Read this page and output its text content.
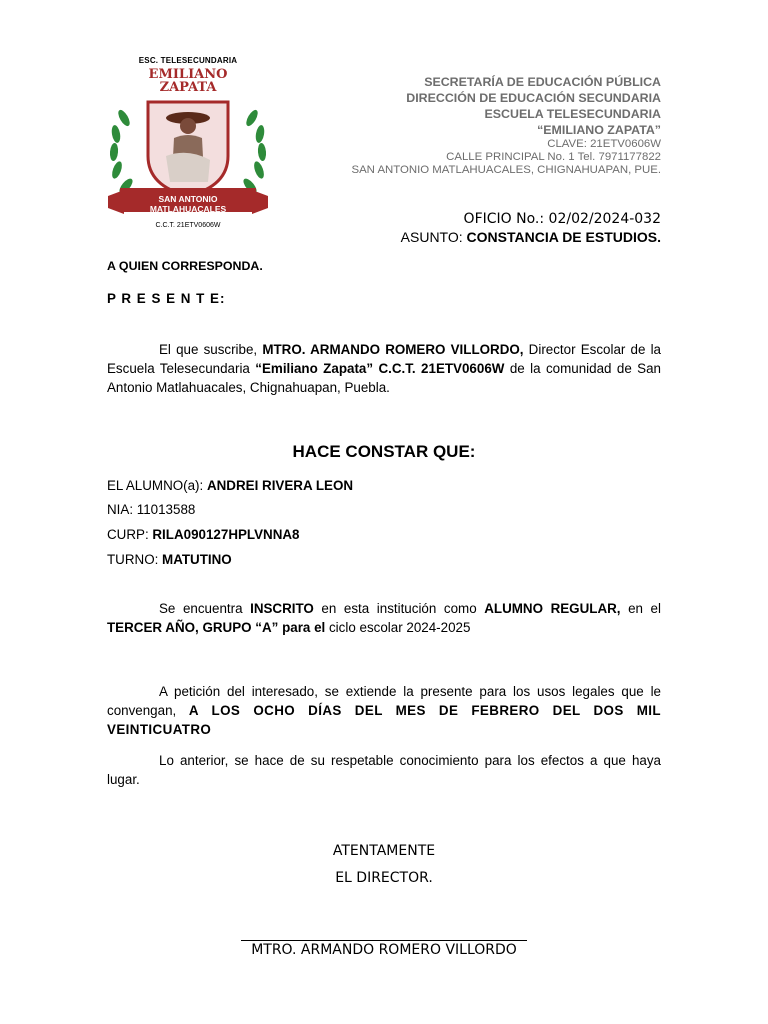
ESC. TELESECUNDARIA
EMILIANO
ZAPATA
SAN ANTONIO MATLAHUACALES
C.C.T. 21ETV0606W
SECRETARÍA DE EDUCACIÓN PÚBLICA
DIRECCIÓN DE EDUCACIÓN SECUNDARIA
ESCUELA TELESECUNDARIA
“EMILIANO ZAPATA”
CLAVE: 21ETV0606W
CALLE PRINCIPAL No. 1 Tel. 7971177822
SAN ANTONIO MATLAHUACALES, CHIGNAHUAPAN, PUE.
OFICIO No.: 02/02/2024-032
ASUNTO: CONSTANCIA DE ESTUDIOS.
A QUIEN CORRESPONDA.
P R E S E N T E:
El que suscribe, MTRO. ARMANDO ROMERO VILLORDO, Director Escolar de la Escuela Telesecundaria “Emiliano Zapata” C.C.T. 21ETV0606W de la comunidad de San Antonio Matlahuacales, Chignahuapan, Puebla.
HACE CONSTAR QUE:
EL ALUMNO(a): ANDREI RIVERA LEON
NIA: 11013588
CURP: RILA090127HPLVNNA8
TURNO: MATUTINO
Se encuentra INSCRITO en esta institución como ALUMNO REGULAR, en el TERCER AÑO, GRUPO “A” para el ciclo escolar 2024-2025
A petición del interesado, se extiende la presente para los usos legales que le convengan, A LOS OCHO DÍAS DEL MES DE FEBRERO DEL DOS MIL VEINTICUATRO
Lo anterior, se hace de su respetable conocimiento para los efectos a que haya lugar.
ATENTAMENTE
EL DIRECTOR.
MTRO. ARMANDO ROMERO VILLORDO
